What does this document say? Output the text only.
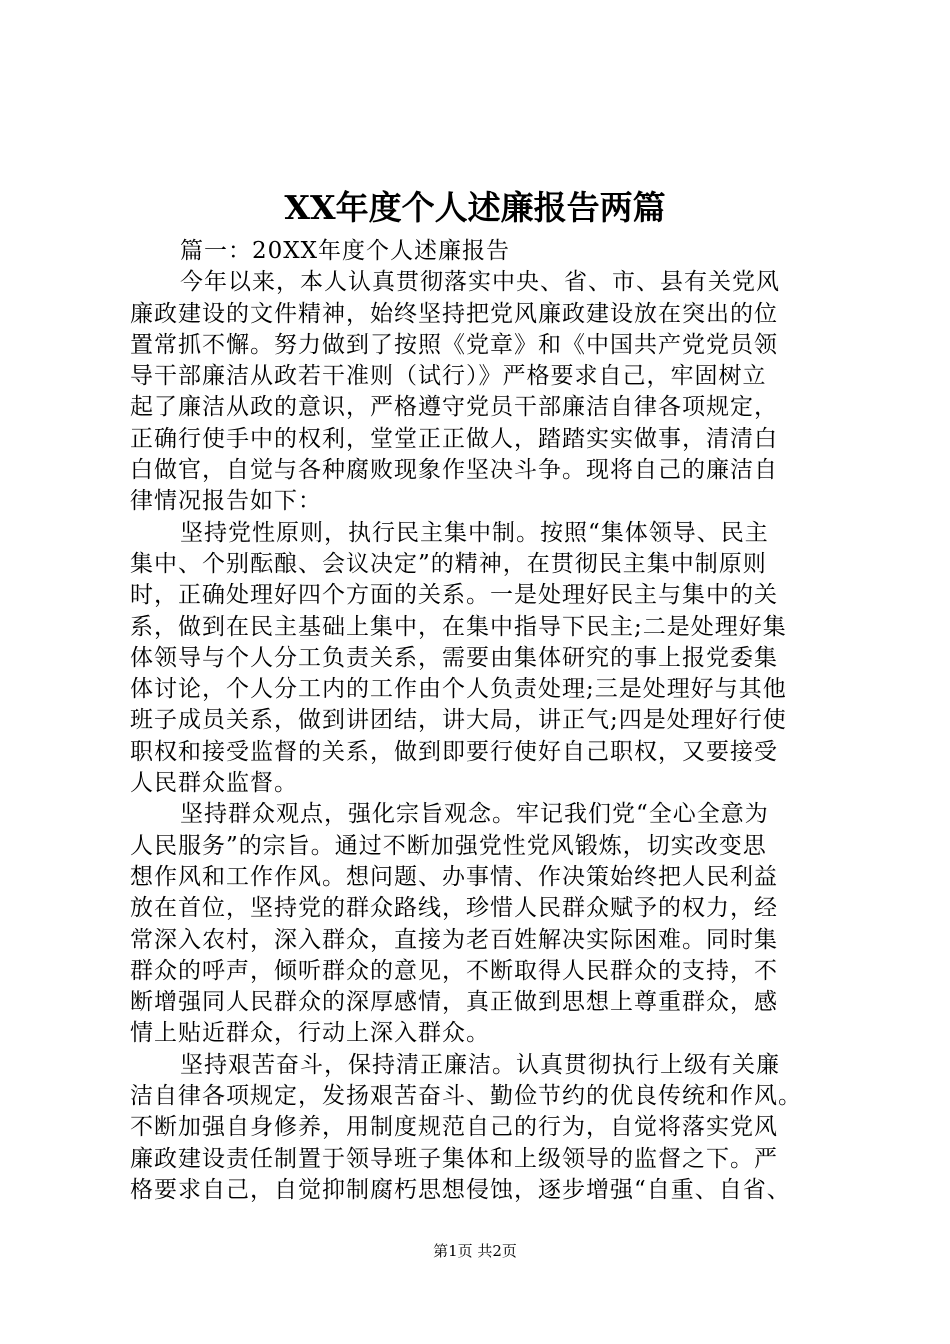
XX年度个人述廉报告两篇
篇一：20XX年度个人述廉报告
今年以来，本人认真贯彻落实中央、省、市、县有关党风
廉政建设的文件精神，始终坚持把党风廉政建设放在突出的位
置常抓不懈。努力做到了按照《党章》和《中国共产党党员领
导干部廉洁从政若干准则（试行）》严格要求自己，牢固树立
起了廉洁从政的意识，严格遵守党员干部廉洁自律各项规定，
正确行使手中的权利，堂堂正正做人，踏踏实实做事，清清白
白做官，自觉与各种腐败现象作坚决斗争。现将自己的廉洁自
律情况报告如下：
坚持党性原则，执行民主集中制。按照“集体领导、民主
集中、个别酝酿、会议决定”的精神，在贯彻民主集中制原则
时，正确处理好四个方面的关系。一是处理好民主与集中的关
系，做到在民主基础上集中，在集中指导下民主;二是处理好集
体领导与个人分工负责关系，需要由集体研究的事上报党委集
体讨论，个人分工内的工作由个人负责处理;三是处理好与其他
班子成员关系，做到讲团结，讲大局，讲正气;四是处理好行使
职权和接受监督的关系，做到即要行使好自己职权，又要接受
人民群众监督。
坚持群众观点，强化宗旨观念。牢记我们党“全心全意为
人民服务”的宗旨。通过不断加强党性党风锻炼，切实改变思
想作风和工作作风。想问题、办事情、作决策始终把人民利益
放在首位，坚持党的群众路线，珍惜人民群众赋予的权力，经
常深入农村，深入群众，直接为老百姓解决实际困难。同时集
群众的呼声，倾听群众的意见，不断取得人民群众的支持，不
断增强同人民群众的深厚感情，真正做到思想上尊重群众，感
情上贴近群众，行动上深入群众。
坚持艰苦奋斗，保持清正廉洁。认真贯彻执行上级有关廉
洁自律各项规定，发扬艰苦奋斗、勤俭节约的优良传统和作风。
不断加强自身修养，用制度规范自己的行为，自觉将落实党风
廉政建设责任制置于领导班子集体和上级领导的监督之下。严
格要求自己，自觉抑制腐朽思想侵蚀，逐步增强“自重、自省、
第1页 共2页
